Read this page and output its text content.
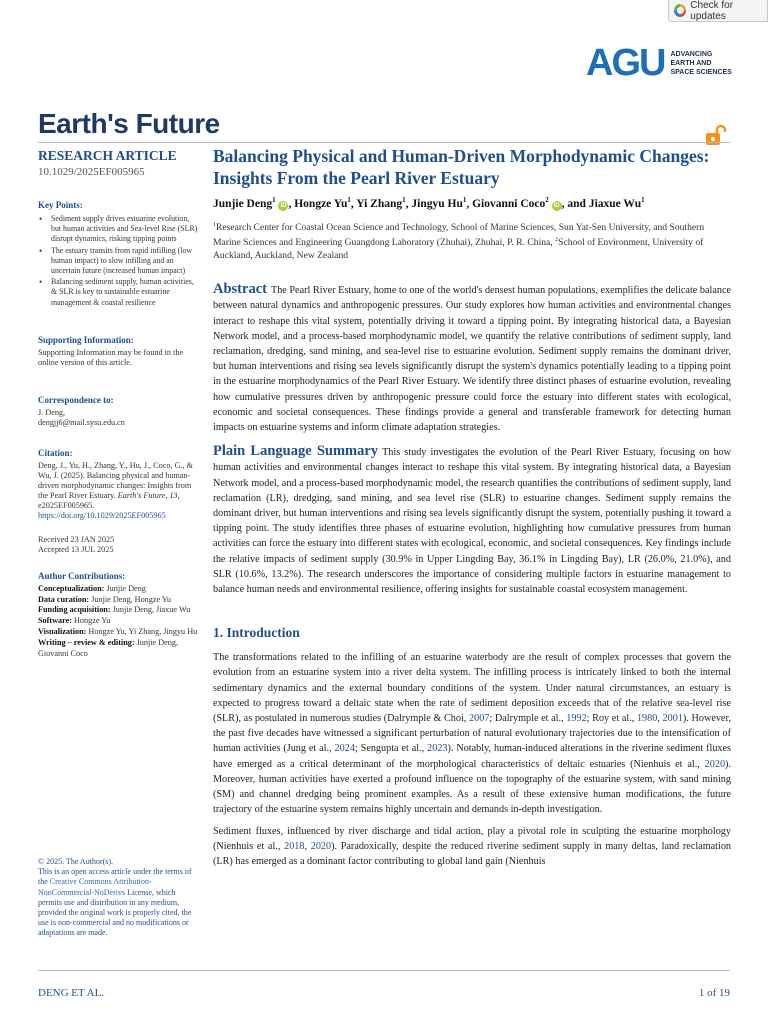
Check for updates
AGU ADVANCING
EARTH AND
SPACE SCIENCES
Earth's Future
RESEARCH ARTICLE
10.1029/2025EF005965
Key Points:
• Sediment supply drives estuarine evolution, but human activities and Sea-level Rise (SLR) disrupt dynamics, risking tipping points
• The estuary transits from rapid infilling (low human impact) to slow infilling and an uncertain future (increased human impact)
• Balancing sediment supply, human activities, & SLR is key to sustainable estuarine management & coastal resilience
Supporting Information:
Supporting Information may be found in the online version of this article.
Correspondence to:
J. Deng,
dengjj6@mail.sysu.edu.cn
Citation:
Deng, J., Yu, H., Zhang, Y., Hu, J., Coco, G., & Wu, J. (2025). Balancing physical and human-driven morphodynamic changes: Insights from the Pearl River Estuary. Earth's Future, 13, e2025EF005965. https://doi.org/10.1029/2025EF005965
Received 23 JAN 2025
Accepted 13 JUL 2025
Author Contributions:

Conceptualization: Junjie Deng

Data curation: Junjie Deng, Hongze Yu

Funding acquisition: Junjie Deng, Jiaxue Wu

Software: Hongze Yu

Visualization: Hongze Yu, Yi Zhang, Jingyu Hu

Writing – review & editing: Junjie Deng, Giovanni Coco

© 2025. The Author(s).
This is an open access article under the terms of the Creative Commons Attribution-NonCommercial-NoDerivs License, which permits use and distribution in any medium, provided the original work is properly cited, the use is non-commercial and no modifications or adaptations are made.
Balancing Physical and Human-Driven Morphodynamic Changes: Insights From the Pearl River Estuary
Junjie Deng$^1$ iD , Hongze Yu$^1$, Yi Zhang$^1$, Jingyu Hu$^1$, Giovanni Coco$^2$ iD , and Jiaxue Wu$^1$
$^1$Research Center for Coastal Ocean Science and Technology, School of Marine Sciences, Sun Yat-Sen University, and Southern Marine Sciences and Engineering Guangdong Laboratory (Zhuhai), Zhuhai, P. R. China, $^2$School of Environment, University of Auckland, Auckland, New Zealand

Abstract The Pearl River Estuary, home to one of the world's densest human populations, exemplifies the delicate balance between natural dynamics and anthropogenic pressures. Our study explores how human activities and environmental changes interact to reshape this vital system, potentially driving it toward a tipping point. By integrating historical data, a Bayesian Network model, and a process-based morphodynamic model, we quantify the relative contributions of sediment supply, land reclamation, dredging, sand mining, and sea-level rise to estuarine evolution. Sediment supply remains the dominant driver, but human interventions and rising sea levels significantly disrupt the system's dynamics potentially leading to a tipping point in the estuarine morphodynamics of the Pearl River Estuary. We identify three distinct phases of estuarine evolution, revealing how cumulative pressures driven by anthropogenic pressure could force the estuary into different states with ecological, economic and societal consequences. These findings provide a general and transferable framework for detecting human impacts on estuarine systems and inform climate adaptation strategies.

Plain Language Summary This study investigates the evolution of the Pearl River Estuary, focusing on how human activities and environmental changes interact to reshape this vital system. By integrating historical data, a Bayesian Network model, and a process-based morphodynamic model, the research quantifies the contributions of sediment supply, land reclamation (LR), dredging, sand mining, and sea level rise (SLR) to estuarine changes. Sediment supply remains the dominant driver, but human interventions and rising sea levels significantly disrupt the system, potentially pushing it toward a tipping point. The study identifies three phases of estuarine evolution, highlighting how cumulative pressures from human activities can force the estuary into different states with ecological, economic, and societal consequences. Key findings include the relative impacts of sediment supply (30.9% in Upper Lingding Bay, 36.1% in Lingding Bay), LR (26.0%, 21.0%), and SLR (10.6%, 13.2%). The research underscores the importance of considering multiple factors in estuarine management to balance human needs and environmental resilience, offering insights for sustainable coastal ecosystem management.

1. Introduction

The transformations related to the infilling of an estuarine waterbody are the result of complex processes that govern the evolution from an estuarine system into a river delta system. The infilling process is intricately linked to both the internal sedimentary dynamics and the external boundary conditions of the system. Under natural circumstances, an estuary is expected to progress toward a deltaic state when the rate of sediment deposition exceeds that of the relative sea-level rise (SLR), as postulated in numerous studies (Dalrymple & Choi, 2007; Dalrymple et al., 1992; Roy et al., 1980, 2001). However, the past five decades have witnessed a significant perturbation of natural evolutionary trajectories due to the intensification of human activities (Jung et al., 2024; Sengupta et al., 2023). Notably, human-induced alterations in the riverine sediment fluxes have emerged as a critical determinant of the morphological characteristics of deltaic estuaries (Nienhuis et al., 2020). Moreover, human activities have exerted a profound influence on the topography of the estuarine system, with sand mining (SM) and channel dredging being prominent examples. As a result of these extensive human modifications, the future trajectory of the estuarine system remains highly uncertain and demands in-depth investigation.

Sediment fluxes, influenced by river discharge and tidal action, play a pivotal role in sculpting the estuarine morphology (Nienhuis et al., 2018, 2020). Paradoxically, despite the reduced riverine sediment supply in many deltas, land reclamation (LR) has emerged as a dominant factor contributing to global land gain (Nienhuis

DENG ET AL.	1 of 19
